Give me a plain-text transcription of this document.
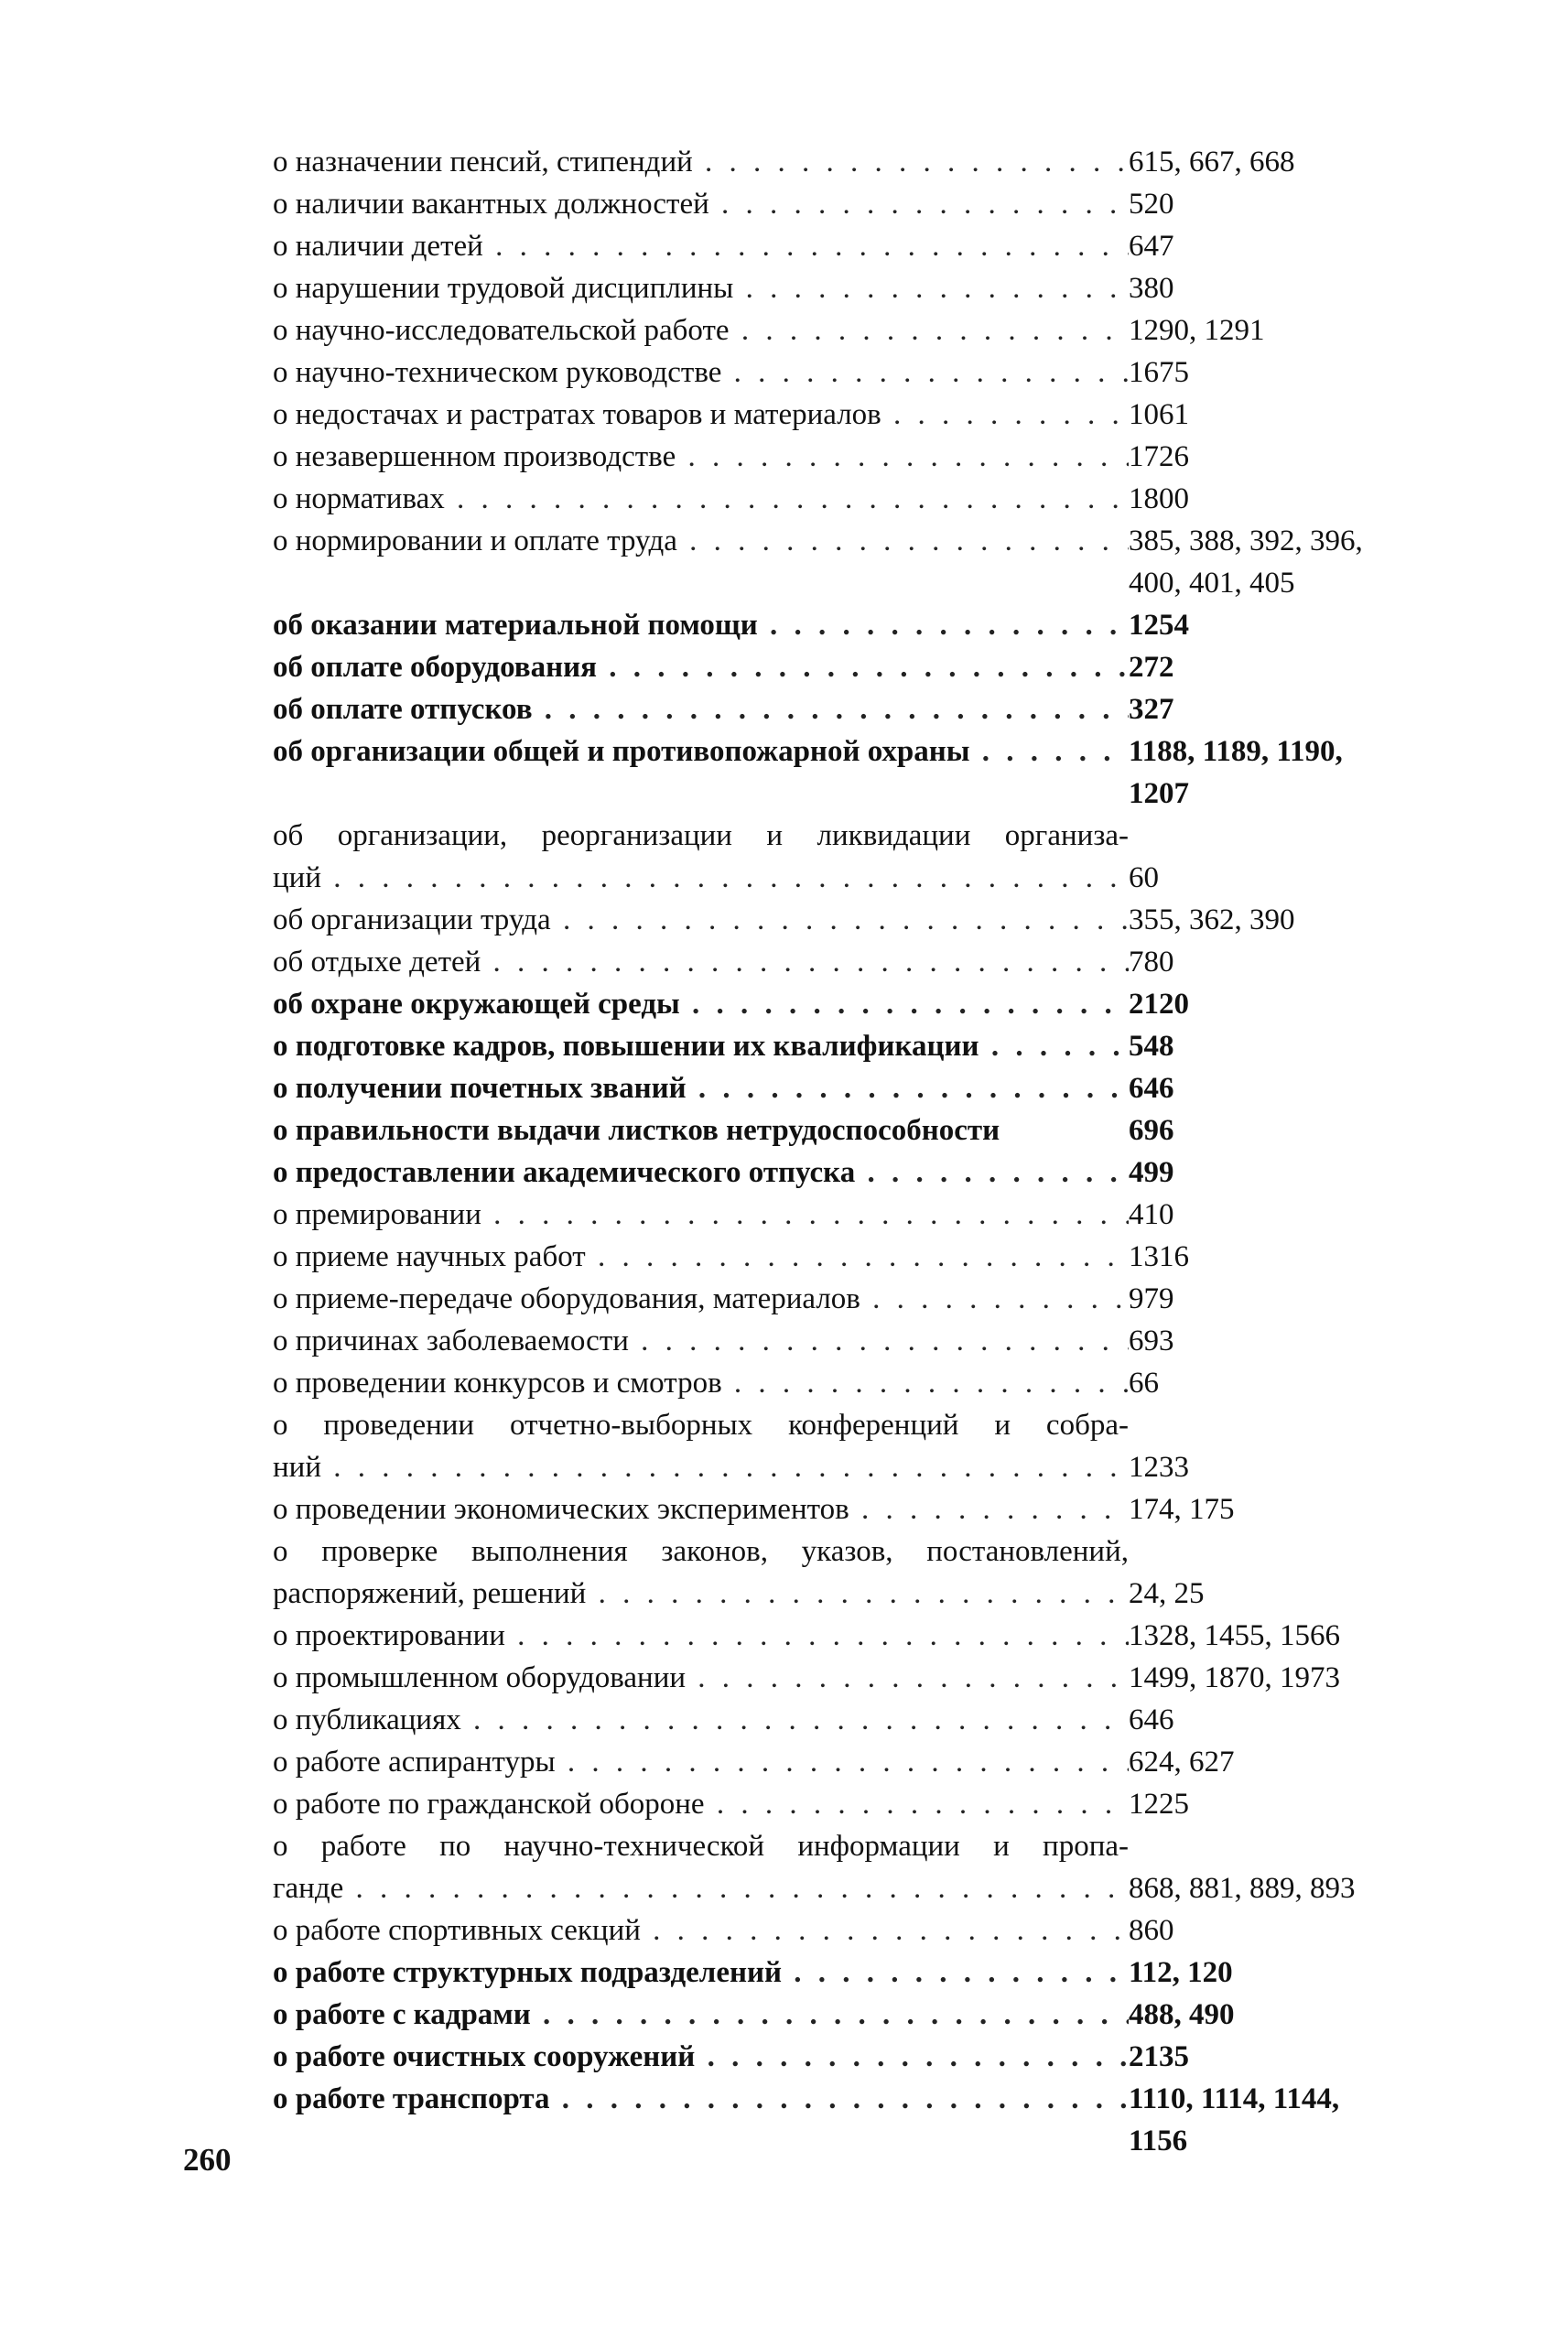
о назначении пенсий, стипендий . . .	615, 667, 668
о наличии вакантных должностей . . .	520
о наличии детей . . .	647
о нарушении трудовой дисциплины . . .	380
о научно-исследовательской работе . . .	1290, 1291
о научно-техническом руководстве . . .	1675
о недостачах и растратах товаров и материалов . . .	1061
о незавершенном производстве . . .	1726
о нормативах . . .	1800
о нормировании и оплате труда . . .	385, 388, 392, 396,
400, 401, 405
об оказании материальной помощи . . .	1254
об оплате оборудования . . .	272
об оплате отпусков . . .	327
об организации общей и противопожарной охраны . . .	1188, 1189, 1190,
1207
об организации, реорганизации и ликвидации организа-
ций . . .	60
об организации труда . . .	355, 362, 390
об отдыхе детей . . .	780
об охране окружающей среды . . .	2120
о подготовке кадров, повышении их квалификации . . .	548
о получении почетных званий . . .	646
о правильности выдачи листков нетрудоспособности	696
о предоставлении академического отпуска . . .	499
о премировании . . .	410
о приеме научных работ . . .	1316
о приеме-передаче оборудования, материалов . . .	979
о причинах заболеваемости . . .	693
о проведении конкурсов и смотров . . .	66
о проведении отчетно-выборных конференций и собра-
ний . . .	1233
о проведении экономических экспериментов . . .	174, 175
о проверке выполнения законов, указов, постановлений,
распоряжений, решений . . .	24, 25
о проектировании . . .	1328, 1455, 1566
о промышленном оборудовании . . .	1499, 1870, 1973
о публикациях . . .	646
о работе аспирантуры . . .	624, 627
о работе по гражданской обороне . . .	1225
о работе по научно-технической информации и пропа-
ганде . . .	868, 881, 889, 893
о работе спортивных секций . . .	860
о работе структурных подразделений . . .	112, 120
о работе с кадрами . . .	488, 490
о работе очистных сооружений . . .	2135
о работе транспорта . . .	1110, 1114, 1144,
1156
260
